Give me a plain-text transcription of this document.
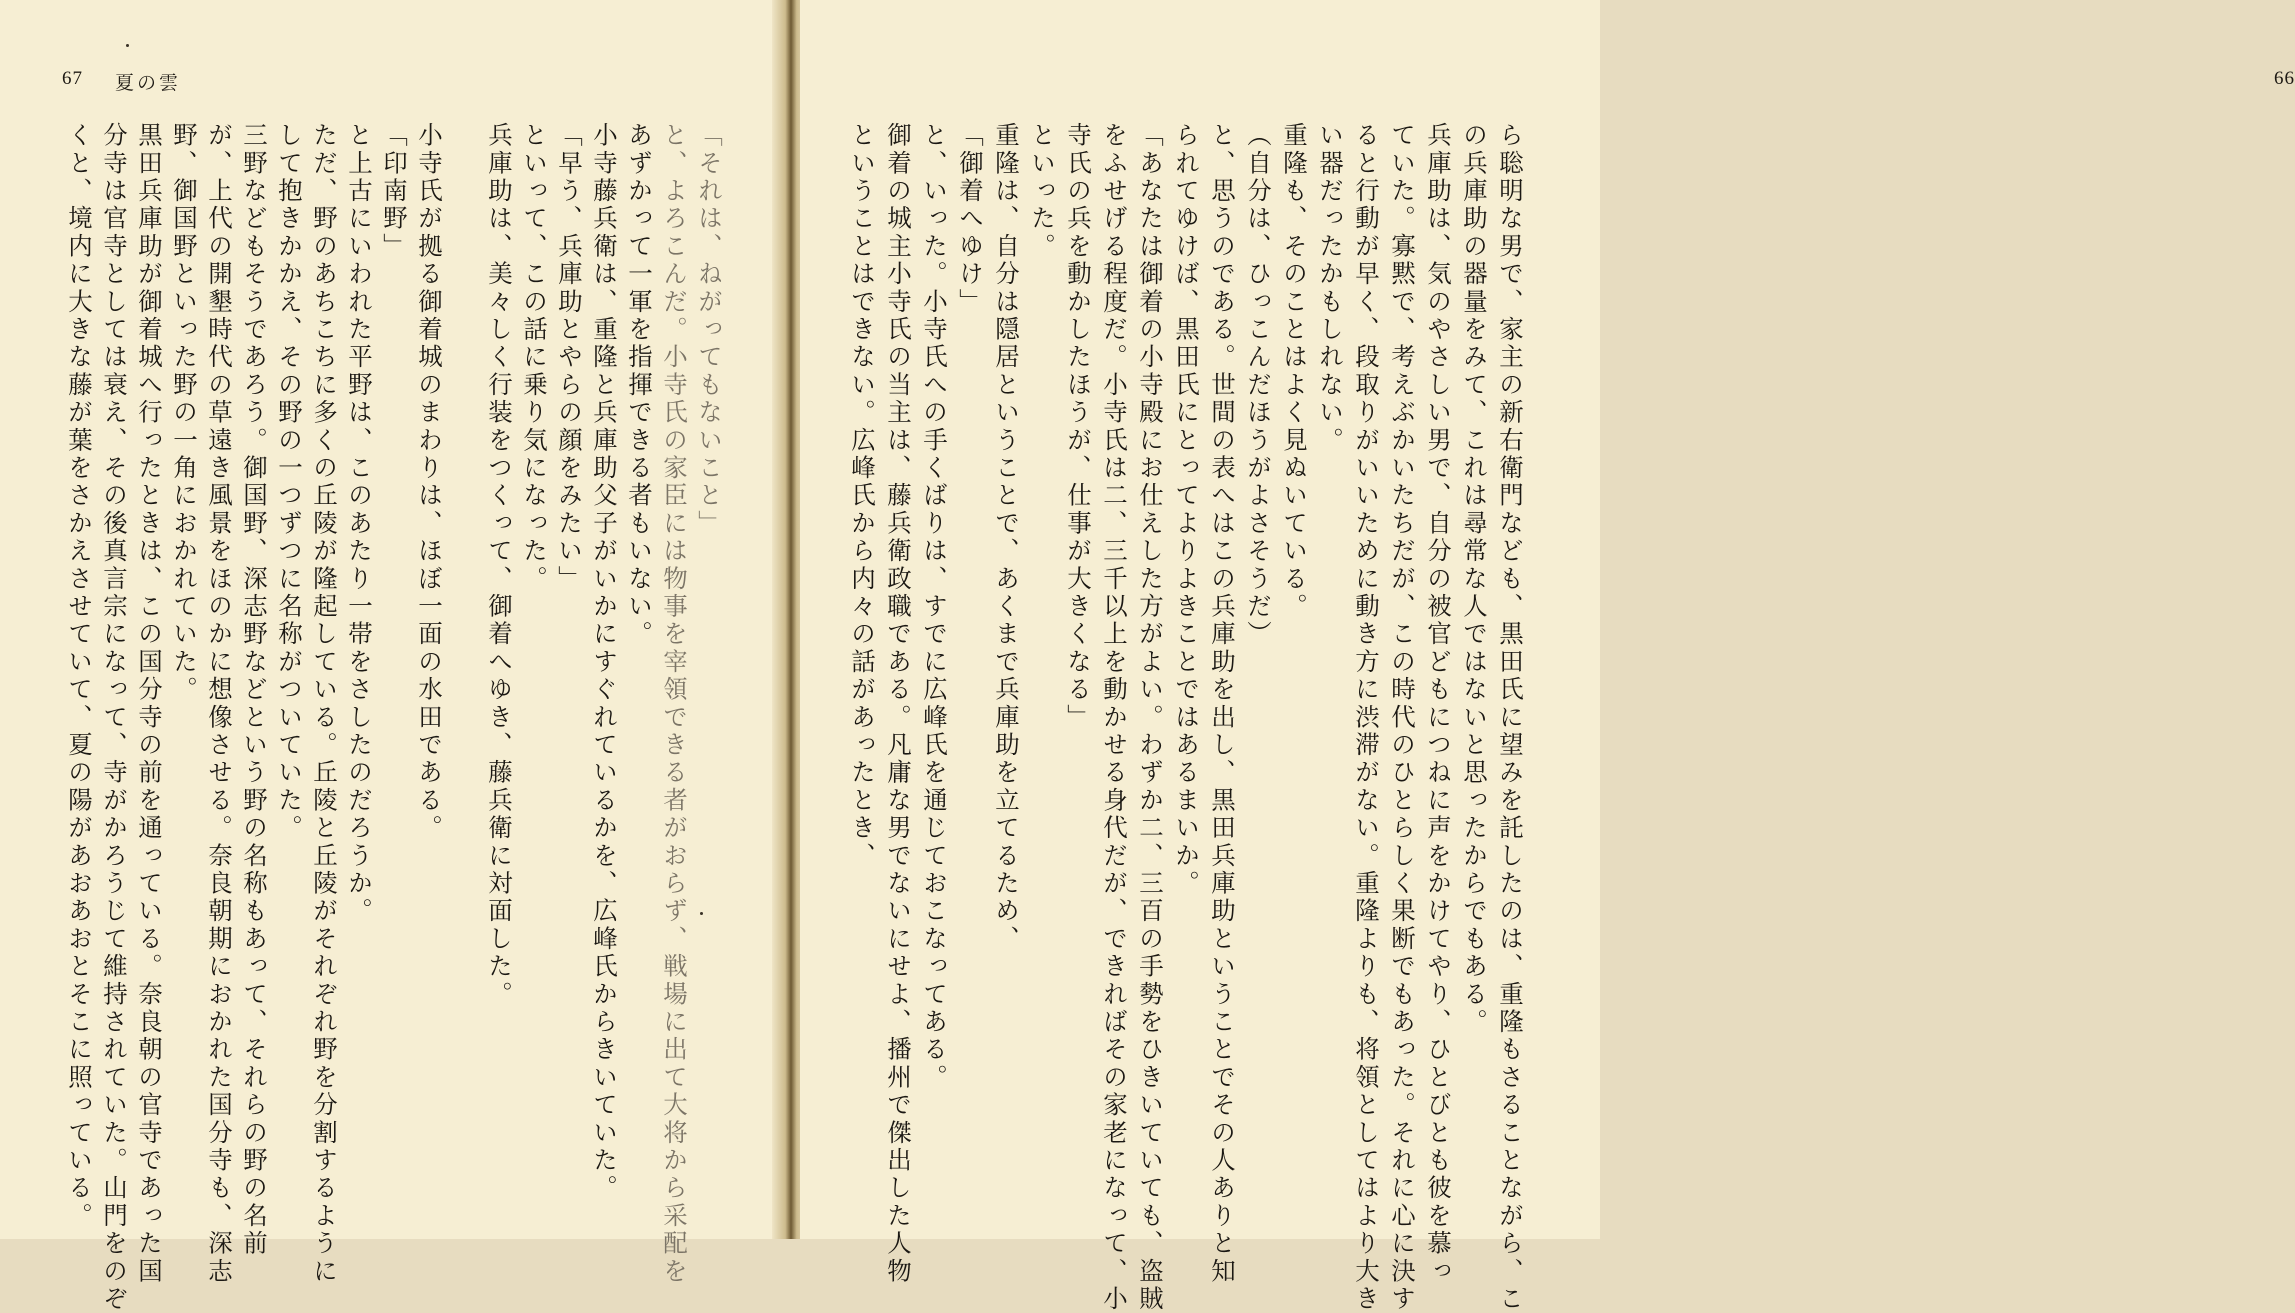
67 夏の雲
くと、境内に大きな藤が葉をさかえさせていて、夏の陽があおあおとそこに照っている。 分寺は官寺としては衰え、その後真言宗になって、寺がかろうじて維持されていた。山門をのぞ 黒田兵庫助が御着城へ行ったときは、この国分寺の前を通っている。奈良朝の官寺であった国 野、御国野といった野の一角におかれていた。 が、上代の開墾時代の草遠き風景をほのかに想像させる。奈良朝期におかれた国分寺も、深志 三野などもそうであろう。御国野、深志野などという野の名称もあって、それらの野の名前 して抱きかかえ、その野の一つずつに名称がついていた。 ただ、野のあちこちに多くの丘陵が隆起している。丘陵と丘陵がそれぞれ野を分割するように と上古にいわれた平野は、このあたり一帯をさしたのだろうか。 「印南野」 小寺氏が拠る御着城のまわりは、ほぼ一面の水田である。 兵庫助は、美々しく行装をつくって、御着へゆき、藤兵衛に対面した。 といって、この話に乗り気になった。 「早う、兵庫助とやらの顔をみたい」 小寺藤兵衛は、重隆と兵庫助父子がいかにすぐれているかを、広峰氏からきいていた。 あずかって一軍を指揮できる者もいない。 と、よろこんだ。小寺氏の家臣には物事を宰領できる者がおらず、戦場に出て大将から采配を 「それは、ねがってもないこと」
66
ということはできない。広峰氏から内々の話があったとき、 御着の城主小寺氏の当主は、藤兵衛政職である。凡庸な男でないにせよ、播州で傑出した人物 と、いった。小寺氏への手くばりは、すでに広峰氏を通じておこなってある。 「御着へゆけ」 重隆は、自分は隠居ということで、あくまで兵庫助を立てるため、 といった。 寺氏の兵を動かしたほうが、仕事が大きくなる」 をふせげる程度だ。小寺氏は二、三千以上を動かせる身代だが、できればその家老になって、小 「あなたは御着の小寺殿にお仕えした方がよい。わずか二、三百の手勢をひきいていても、盗賊 られてゆけば、黒田氏にとってよりよきことではあるまいか。 と、思うのである。世間の表へはこの兵庫助を出し、黒田兵庫助ということでその人ありと知 （自分は、ひっこんだほうがよさそうだ） 重隆も、そのことはよく見ぬいている。 い器だったかもしれない。 ると行動が早く、段取りがいいために動き方に渋滞がない。重隆よりも、将領としてはより大き ていた。寡黙で、考えぶかいたちだが、この時代のひとらしく果断でもあった。それに心に決す 兵庫助は、気のやさしい男で、自分の被官どもにつねに声をかけてやり、ひとびとも彼を慕っ の兵庫助の器量をみて、これは尋常な人ではないと思ったからでもある。 ら聡明な男で、家主の新右衛門なども、黒田氏に望みを託したのは、重隆もさることながら、こ
